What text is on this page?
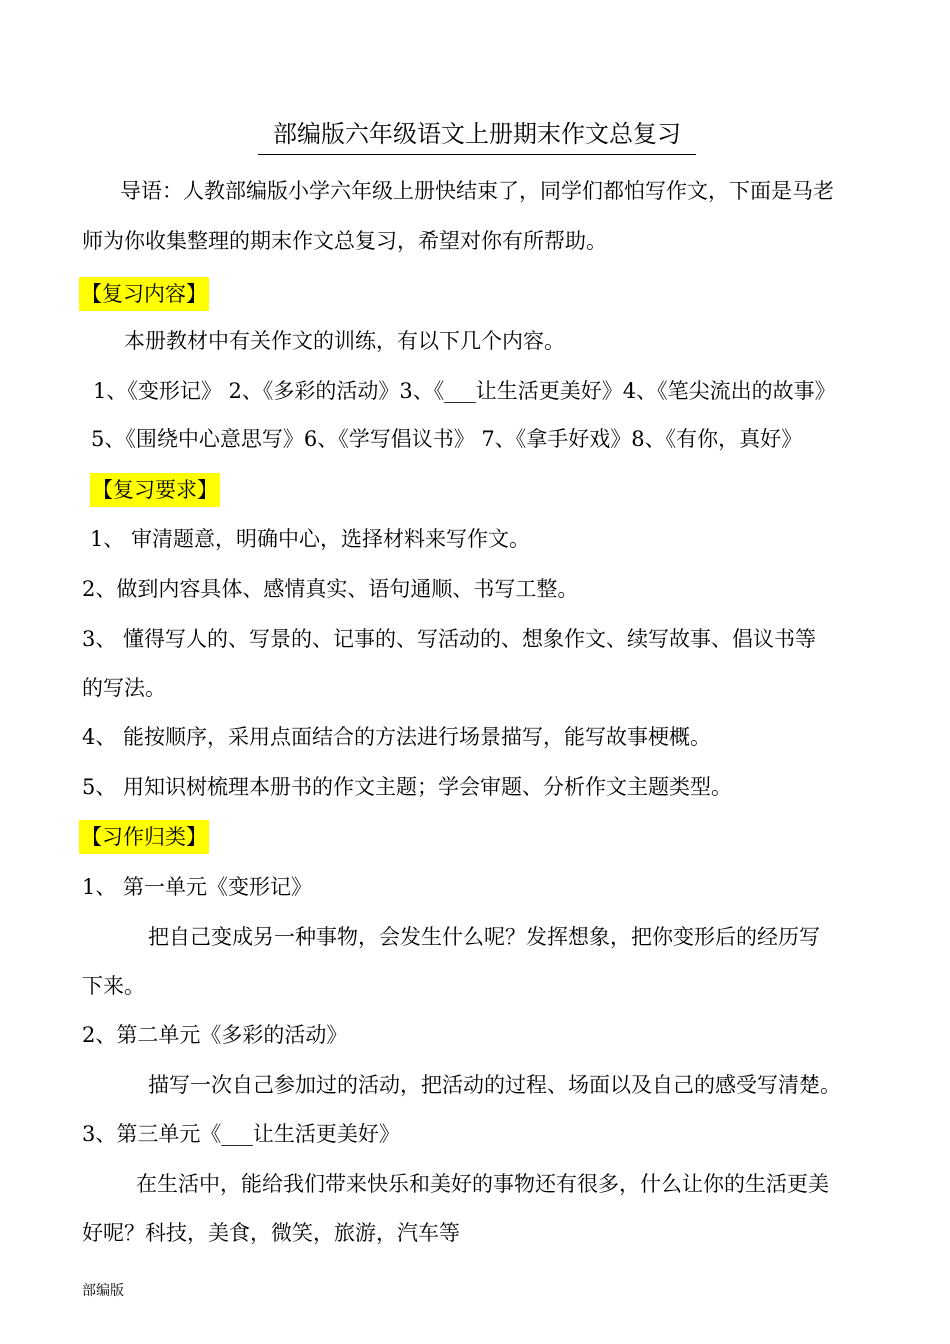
部编版六年级语文上册期末作文总复习
导语：人教部编版小学六年级上册快结束了，同学们都怕写作文，下面是马老
师为你收集整理的期末作文总复习，希望对你有所帮助。
【复习内容】
本册教材中有关作文的训练，有以下几个内容。
1、《变形记》 2、《多彩的活动》3、《___让生活更美好》4、《笔尖流出的故事》
5、《围绕中心意思写》6、《学写倡议书》 7、《拿手好戏》8、《有你，真好》
【复习要求】
1、 审清题意，明确中心，选择材料来写作文。
2、做到内容具体、感情真实、语句通顺、书写工整。
3、 懂得写人的、写景的、记事的、写活动的、想象作文、续写故事、倡议书等
的写法。
4、 能按顺序，采用点面结合的方法进行场景描写，能写故事梗概。
5、 用知识树梳理本册书的作文主题；学会审题、分析作文主题类型。
【习作归类】
1、 第一单元《变形记》
把自己变成另一种事物，会发生什么呢？发挥想象，把你变形后的经历写
下来。
2、第二单元《多彩的活动》
描写一次自己参加过的活动，把活动的过程、场面以及自己的感受写清楚。
3、第三单元《___让生活更美好》
在生活中，能给我们带来快乐和美好的事物还有很多，什么让你的生活更美
好呢？科技，美食，微笑，旅游，汽车等
部编版
